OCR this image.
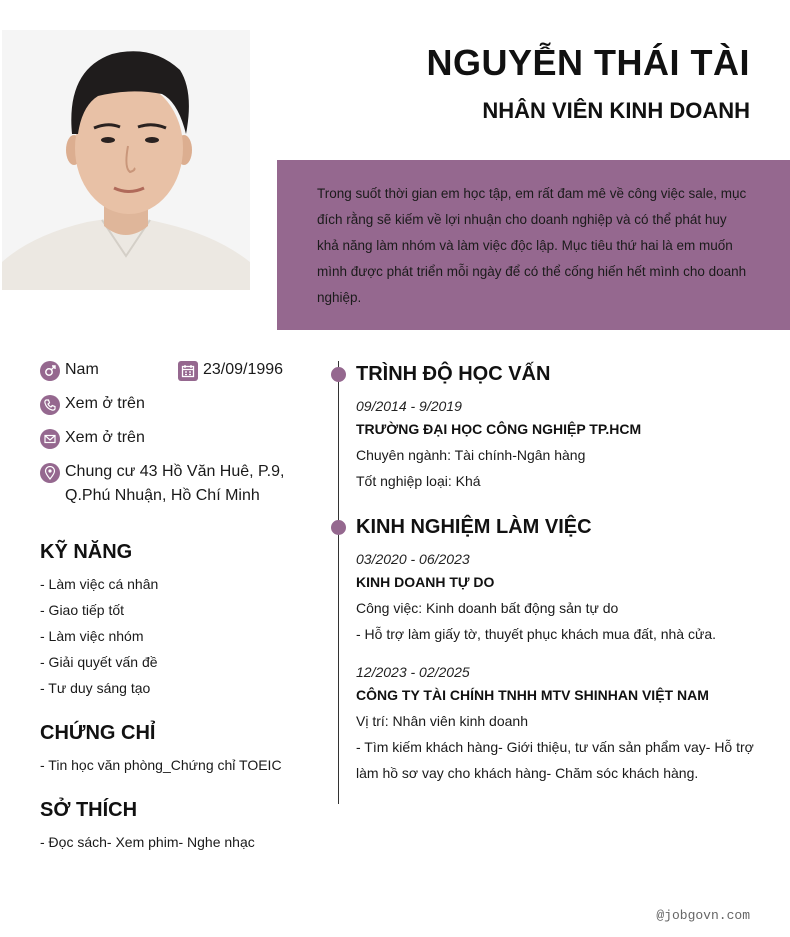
NGUYỄN THÁI TÀI
NHÂN VIÊN KINH DOANH
Trong suốt thời gian em học tập, em rất đam mê về công việc sale, mục đích rằng sẽ kiếm về lợi nhuận cho doanh nghiệp và có thể phát huy khả năng làm nhóm và làm việc độc lập. Mục tiêu thứ hai là em muốn mình được phát triển mỗi ngày để có thể cống hiến hết mình cho doanh nghiệp.
Nam	23/09/1996
Xem ở trên
Xem ở trên
Chung cư 43 Hồ Văn Huê, P.9, Q.Phú Nhuận, Hồ Chí Minh
KỸ NĂNG
- Làm việc cá nhân
- Giao tiếp tốt
- Làm việc nhóm
- Giải quyết vấn đề
- Tư duy sáng tạo
CHỨNG CHỈ
- Tin học văn phòng_Chứng chỉ TOEIC
SỞ THÍCH
- Đọc sách- Xem phim- Nghe nhạc
TRÌNH ĐỘ HỌC VẤN
09/2014 - 9/2019
TRƯỜNG ĐẠI HỌC CÔNG NGHIỆP TP.HCM
Chuyên ngành: Tài chính-Ngân hàng
Tốt nghiệp loại: Khá
KINH NGHIỆM LÀM VIỆC
03/2020 - 06/2023
KINH DOANH TỰ DO
Công việc: Kinh doanh bất động sản tự do
- Hỗ trợ làm giấy tờ, thuyết phục khách mua đất, nhà cửa.
12/2023 - 02/2025
CÔNG TY TÀI CHÍNH TNHH MTV SHINHAN VIỆT NAM
Vị trí: Nhân viên kinh doanh
- Tìm kiếm khách hàng- Giới thiệu, tư vấn sản phẩm vay- Hỗ trợ làm hồ sơ vay cho khách hàng- Chăm sóc khách hàng.
@jobgovn.com
